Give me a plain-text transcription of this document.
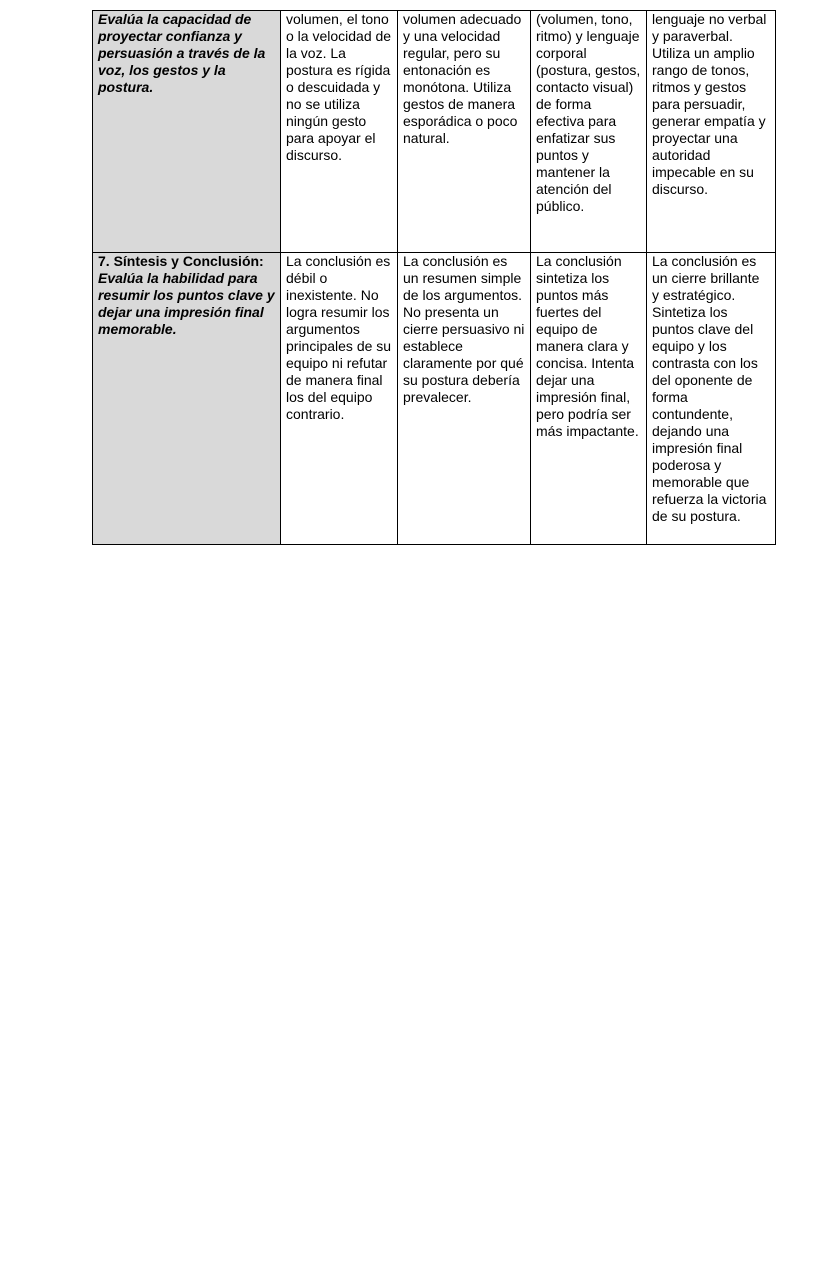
Evalúa la capacidad de proyectar confianza y persuasión a través de la voz, los gestos y la postura.	volumen, el tono o la velocidad de la voz. La postura es rígida o descuidada y no se utiliza ningún gesto para apoyar el discurso.	volumen adecuado y una velocidad regular, pero su entonación es monótona. Utiliza gestos de manera esporádica o poco natural.	(volumen, tono, ritmo) y lenguaje corporal (postura, gestos, contacto visual) de forma efectiva para enfatizar sus puntos y mantener la atención del público.	lenguaje no verbal y paraverbal. Utiliza un amplio rango de tonos, ritmos y gestos para persuadir, generar empatía y proyectar una autoridad impecable en su discurso.
7. Síntesis y Conclusión: Evalúa la habilidad para resumir los puntos clave y dejar una impresión final memorable.	La conclusión es débil o inexistente. No logra resumir los argumentos principales de su equipo ni refutar de manera final los del equipo contrario.	La conclusión es un resumen simple de los argumentos. No presenta un cierre persuasivo ni establece claramente por qué su postura debería prevalecer.	La conclusión sintetiza los puntos más fuertes del equipo de manera clara y concisa. Intenta dejar una impresión final, pero podría ser más impactante.	La conclusión es un cierre brillante y estratégico. Sintetiza los puntos clave del equipo y los contrasta con los del oponente de forma contundente, dejando una impresión final poderosa y memorable que refuerza la victoria de su postura.
